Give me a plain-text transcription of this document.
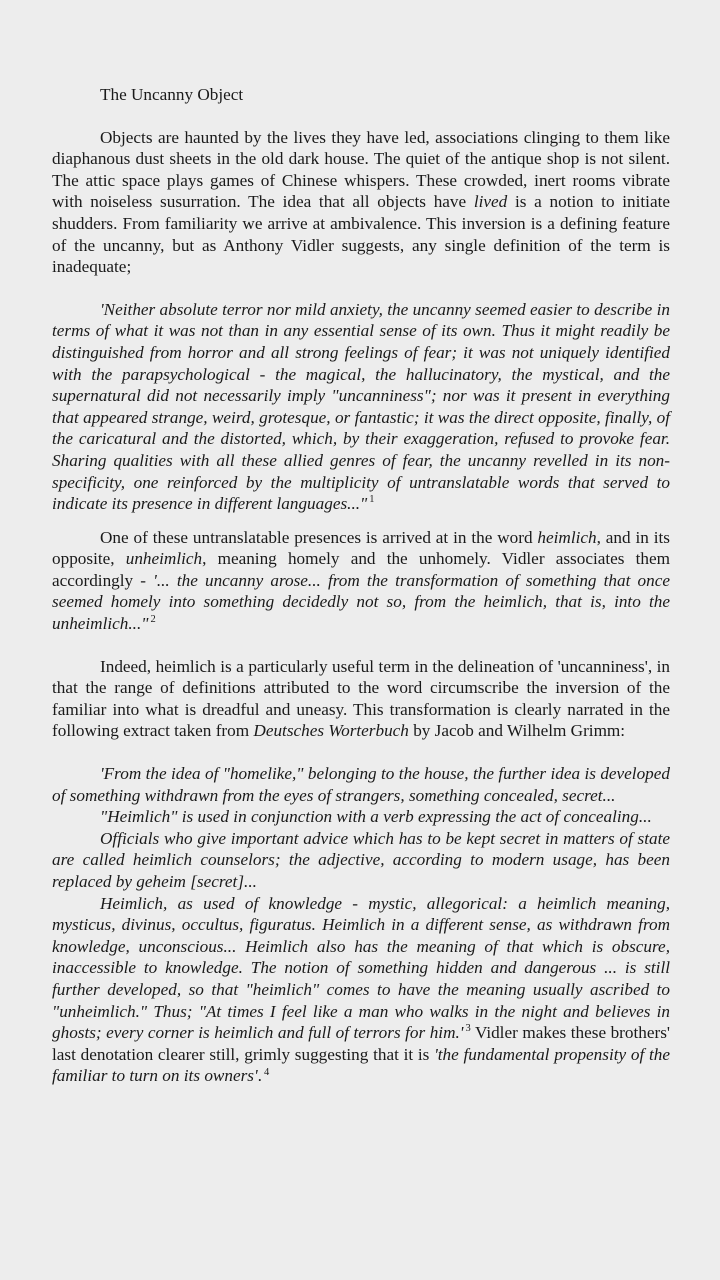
The Uncanny Object

Objects are haunted by the lives they have led, associations clinging to them like diaphanous dust sheets in the old dark house. The quiet of the antique shop is not silent. The attic space plays games of Chinese whispers. These crowded, inert rooms vibrate with noiseless susurration. The idea that all objects have lived is a notion to initiate shudders. From familiarity we arrive at ambivalence. This inversion is a defining feature of the uncanny, but as Anthony Vidler suggests, any single definition of the term is inadequate;

'Neither absolute terror nor mild anxiety, the uncanny seemed easier to describe in terms of what it was not than in any essential sense of its own. Thus it might readily be distinguished from horror and all strong feelings of fear; it was not uniquely identified with the parapsychological - the magical, the hallucinatory, the mystical, and the supernatural did not necessarily imply "uncanniness"; nor was it present in everything that appeared strange, weird, grotesque, or fantastic; it was the direct opposite, finally, of the caricatural and the distorted, which, by their exaggeration, refused to provoke fear. Sharing qualities with all these allied genres of fear, the uncanny revelled in its non-specificity, one reinforced by the multiplicity of untranslatable words that served to indicate its presence in different languages..." $^1$

One of these untranslatable presences is arrived at in the word heimlich, and in its opposite, unheimlich, meaning homely and the unhomely. Vidler associates them accordingly - '... the uncanny arose... from the transformation of something that once seemed homely into something decidedly not so, from the heimlich, that is, into the unheimlich..." $^2$

Indeed, heimlich is a particularly useful term in the delineation of 'uncanniness', in that the range of definitions attributed to the word circumscribe the inversion of the familiar into what is dreadful and uneasy. This transformation is clearly narrated in the following extract taken from Deutsches Worterbuch by Jacob and Wilhelm Grimm:

'From the idea of "homelike," belonging to the house, the further idea is developed of something withdrawn from the eyes of strangers, something concealed, secret...

"Heimlich" is used in conjunction with a verb expressing the act of concealing...

Officials who give important advice which has to be kept secret in matters of state are called heimlich counselors; the adjective, according to modern usage, has been replaced by geheim [secret]...

Heimlich, as used of knowledge - mystic, allegorical: a heimlich meaning, mysticus, divinus, occultus, figuratus. Heimlich in a different sense, as withdrawn from knowledge, unconscious... Heimlich also has the meaning of that which is obscure, inaccessible to knowledge. The notion of something hidden and dangerous ... is still further developed, so that "heimlich" comes to have the meaning usually ascribed to "unheimlich." Thus; "At times I feel like a man who walks in the night and believes in ghosts; every corner is heimlich and full of terrors for him.' $^3$ Vidler makes these brothers' last denotation clearer still, grimly suggesting that it is 'the fundamental propensity of the familiar to turn on its owners'. $^4$
